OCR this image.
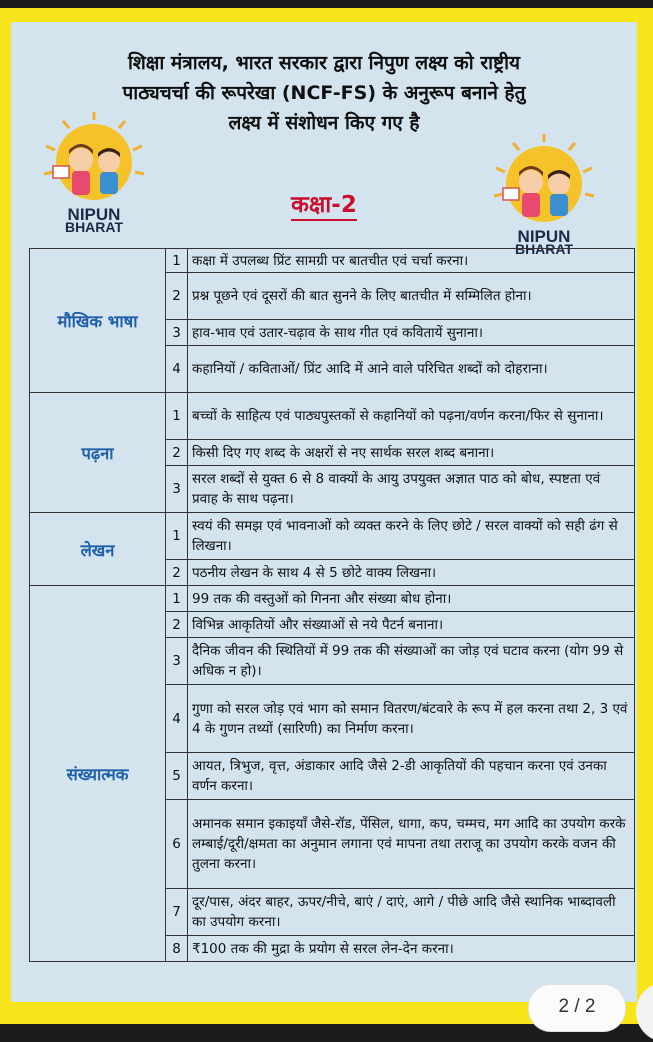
शिक्षा मंत्रालय, भारत सरकार द्वारा निपुण लक्ष्य को राष्ट्रीय
पाठ्यचर्चा की रूपरेखा (NCF-FS) के अनुरूप बनाने हेतु
लक्ष्य में संशोधन किए गए है
NIPUN
BHARAT	NIPUN
BHARAT
कक्षा-2
मौखिक भाषा	1	कक्षा में उपलब्ध प्रिंट सामग्री पर बातचीत एवं चर्चा करना।
	2	प्रश्न पूछने एवं दूसरों की बात सुनने के लिए बातचीत में सम्मिलित होना।
	3	हाव-भाव एवं उतार-चढ़ाव के साथ गीत एवं कवितायें सुनाना।
	4	कहानियों / कविताओं/ प्रिंट आदि में आने वाले परिचित शब्दों को दोहराना।
पढ़ना	1	बच्चों के साहित्य एवं पाठ्यपुस्तकों से कहानियों को पढ़ना/वर्णन करना/फिर से सुनाना।
	2	किसी दिए गए शब्द के अक्षरों से नए सार्थक सरल शब्द बनाना।
	3	सरल शब्दों से युक्त 6 से 8 वाक्यों के आयु उपयुक्त अज्ञात पाठ को बोध, स्पष्टता एवं प्रवाह के साथ पढ़ना।
लेखन	1	स्वयं की समझ एवं भावनाओं को व्यक्त करने के लिए छोटे / सरल वाक्यों को सही ढंग से लिखना।
	2	पठनीय लेखन के साथ 4 से 5 छोटे वाक्य लिखना।
संख्यात्मक	1	99 तक की वस्तुओं को गिनना और संख्या बोध होना।
	2	विभिन्न आकृतियों और संख्याओं से नये पैटर्न बनाना।
	3	दैनिक जीवन की स्थितियों में 99 तक की संख्याओं का जोड़ एवं घटाव करना (योग 99 से अधिक न हो)।
	4	गुणा को सरल जोड़ एवं भाग को समान वितरण/बंटवारे के रूप में हल करना तथा 2, 3 एवं 4 के गुणन तथ्यों (सारिणी) का निर्माण करना।
	5	आयत, त्रिभुज, वृत्त, अंडाकार आदि जैसे 2-डी आकृतियों की पहचान करना एवं उनका वर्णन करना।
	6	अमानक समान इकाइयाँ जैसे-रॉड, पेंसिल, धागा, कप, चम्मच, मग आदि का उपयोग करके लम्बाई/दूरी/क्षमता का अनुमान लगाना एवं मापना तथा तराजू का उपयोग करके वजन की तुलना करना।
	7	दूर/पास, अंदर बाहर, ऊपर/नीचे, बाएं / दाएं, आगे / पीछे आदि जैसे स्थानिक भाब्दावली का उपयोग करना।
	8	₹100 तक की मुद्रा के प्रयोग से सरल लेन-देन करना।
2 / 2
